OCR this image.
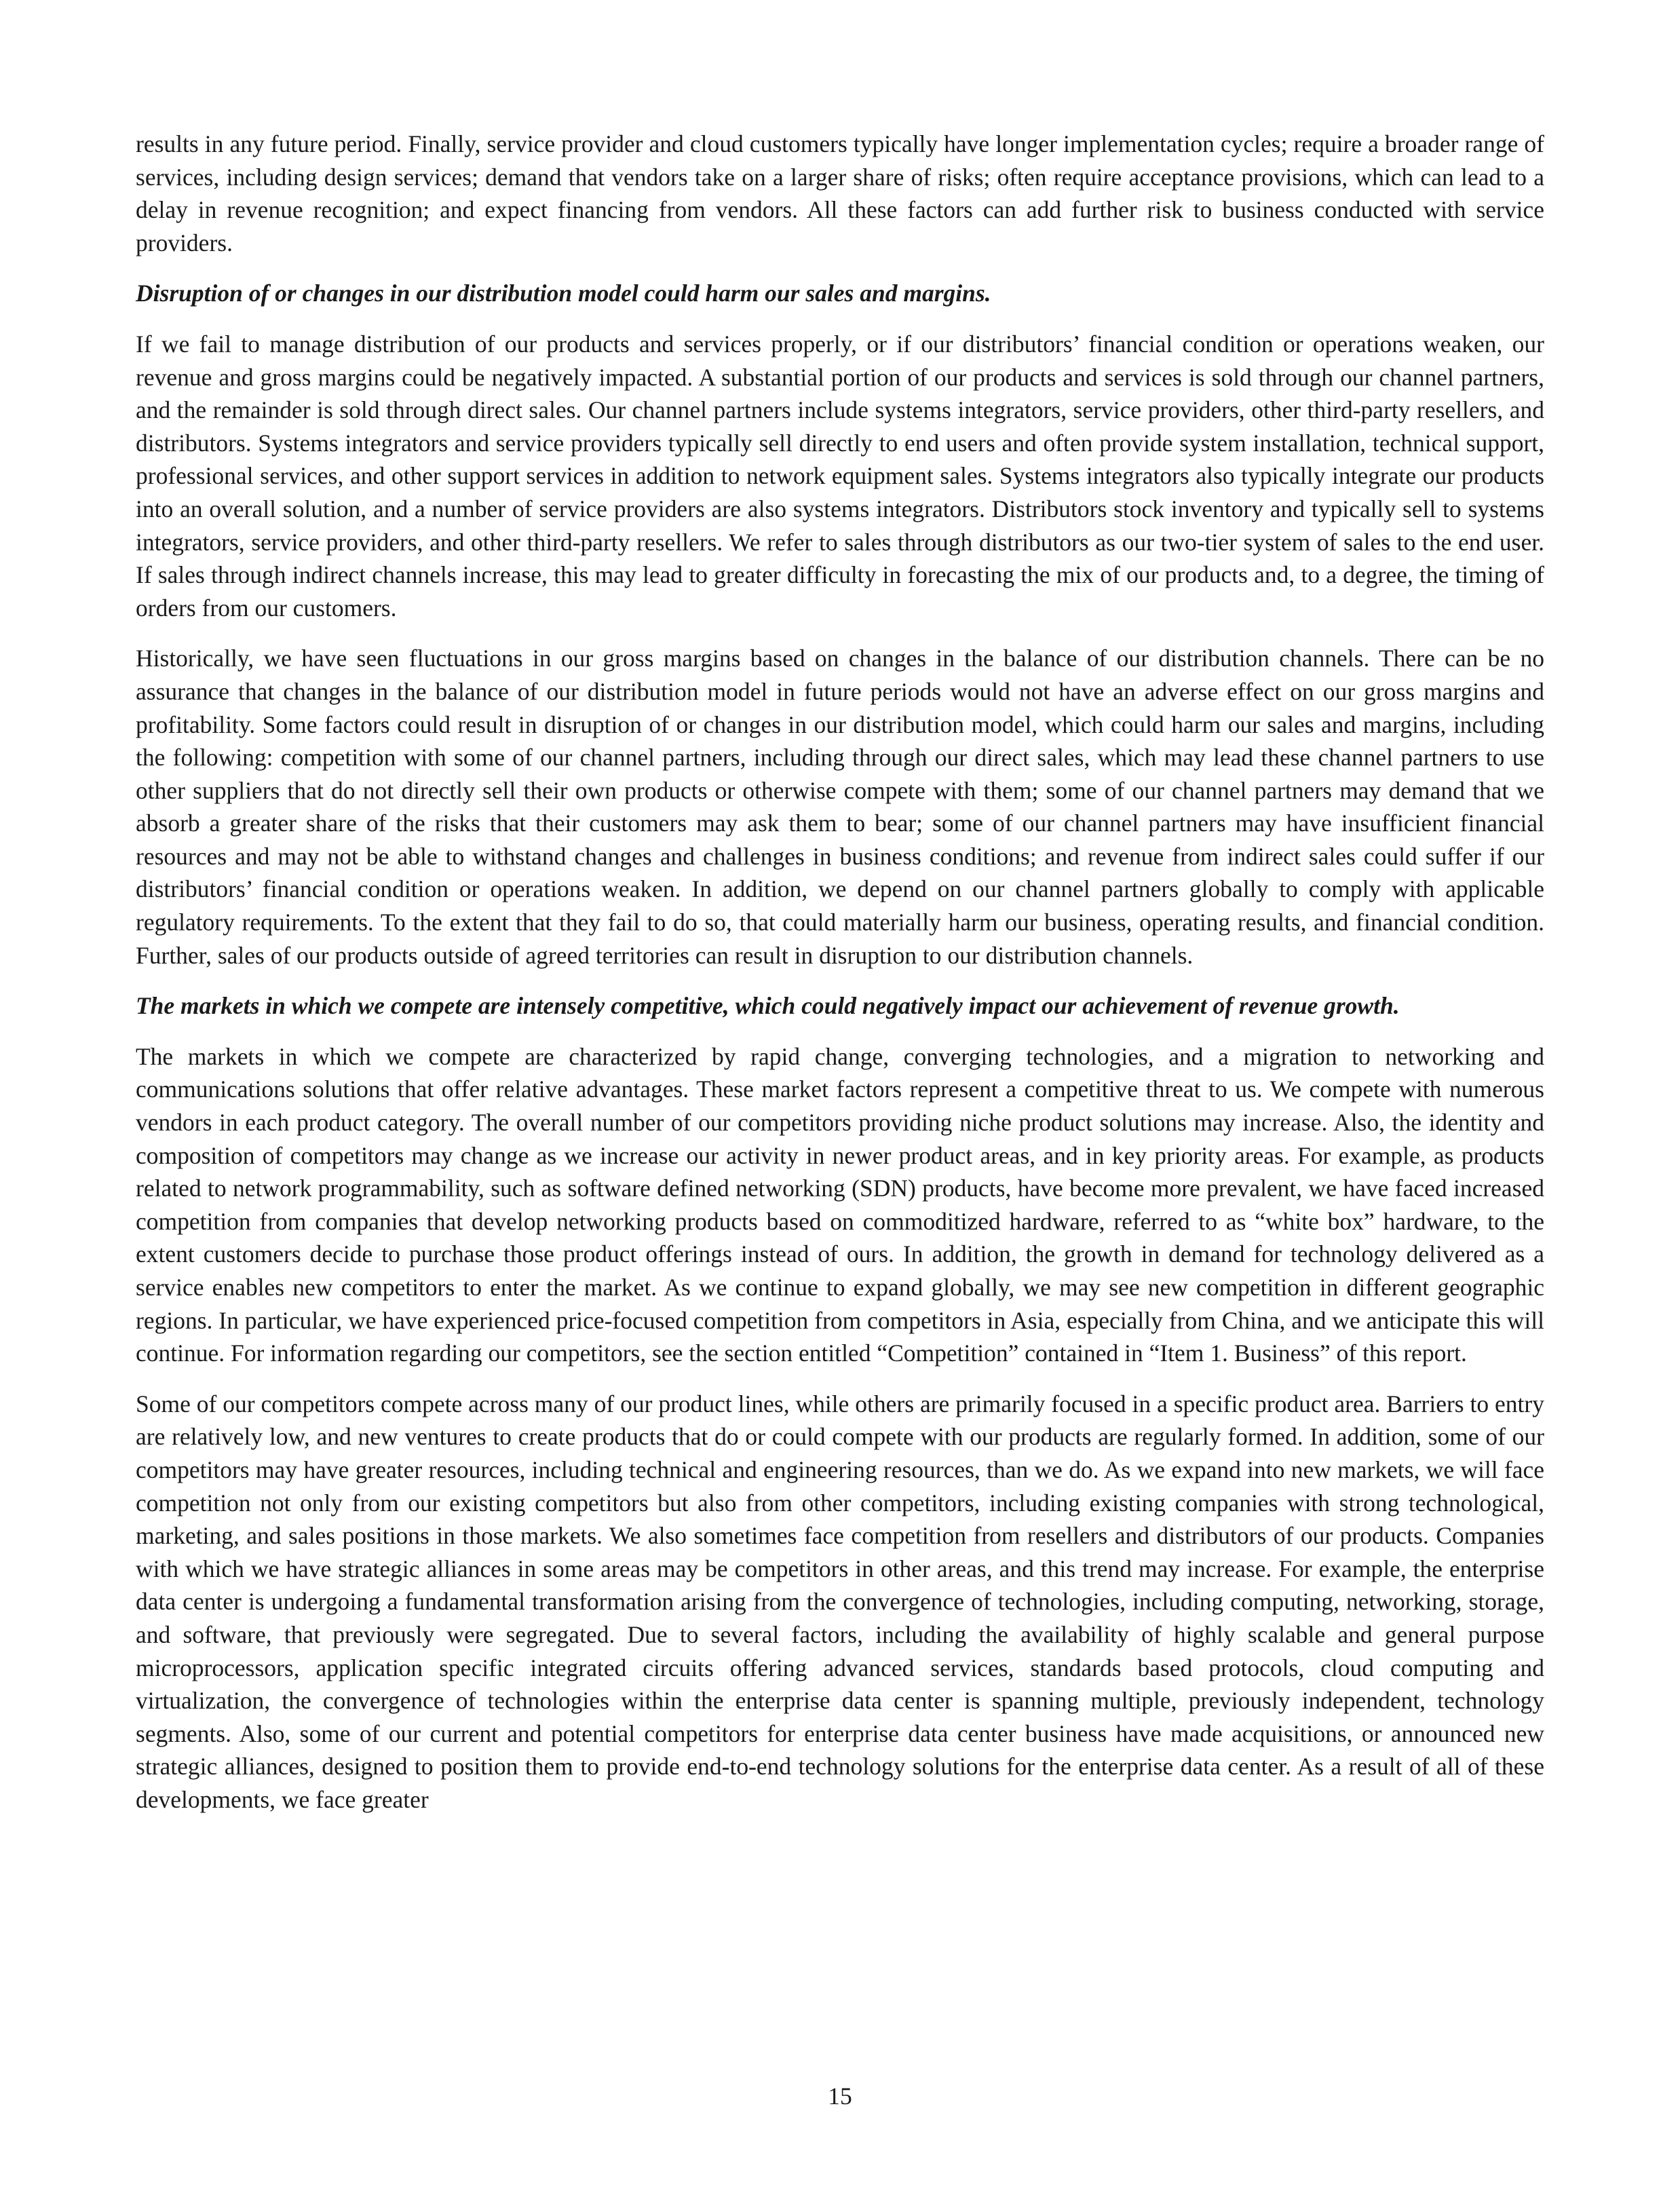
results in any future period. Finally, service provider and cloud customers typically have longer implementation cycles; require a broader range of services, including design services; demand that vendors take on a larger share of risks; often require acceptance provisions, which can lead to a delay in revenue recognition; and expect financing from vendors. All these factors can add further risk to business conducted with service providers.

Disruption of or changes in our distribution model could harm our sales and margins.

If we fail to manage distribution of our products and services properly, or if our distributors’ financial condition or operations weaken, our revenue and gross margins could be negatively impacted. A substantial portion of our products and services is sold through our channel partners, and the remainder is sold through direct sales. Our channel partners include systems integrators, service providers, other third-party resellers, and distributors. Systems integrators and service providers typically sell directly to end users and often provide system installation, technical support, professional services, and other support services in addition to network equipment sales. Systems integrators also typically integrate our products into an overall solution, and a number of service providers are also systems integrators. Distributors stock inventory and typically sell to systems integrators, service providers, and other third-party resellers. We refer to sales through distributors as our two-tier system of sales to the end user. If sales through indirect channels increase, this may lead to greater difficulty in forecasting the mix of our products and, to a degree, the timing of orders from our customers.

Historically, we have seen fluctuations in our gross margins based on changes in the balance of our distribution channels. There can be no assurance that changes in the balance of our distribution model in future periods would not have an adverse effect on our gross margins and profitability. Some factors could result in disruption of or changes in our distribution model, which could harm our sales and margins, including the following: competition with some of our channel partners, including through our direct sales, which may lead these channel partners to use other suppliers that do not directly sell their own products or otherwise compete with them; some of our channel partners may demand that we absorb a greater share of the risks that their customers may ask them to bear; some of our channel partners may have insufficient financial resources and may not be able to withstand changes and challenges in business conditions; and revenue from indirect sales could suffer if our distributors’ financial condition or operations weaken. In addition, we depend on our channel partners globally to comply with applicable regulatory requirements. To the extent that they fail to do so, that could materially harm our business, operating results, and financial condition. Further, sales of our products outside of agreed territories can result in disruption to our distribution channels.

The markets in which we compete are intensely competitive, which could negatively impact our achievement of revenue growth.

The markets in which we compete are characterized by rapid change, converging technologies, and a migration to networking and communications solutions that offer relative advantages. These market factors represent a competitive threat to us. We compete with numerous vendors in each product category. The overall number of our competitors providing niche product solutions may increase. Also, the identity and composition of competitors may change as we increase our activity in newer product areas, and in key priority areas. For example, as products related to network programmability, such as software defined networking (SDN) products, have become more prevalent, we have faced increased competition from companies that develop networking products based on commoditized hardware, referred to as “white box” hardware, to the extent customers decide to purchase those product offerings instead of ours. In addition, the growth in demand for technology delivered as a service enables new competitors to enter the market. As we continue to expand globally, we may see new competition in different geographic regions. In particular, we have experienced price-focused competition from competitors in Asia, especially from China, and we anticipate this will continue. For information regarding our competitors, see the section entitled “Competition” contained in “Item 1. Business” of this report.

Some of our competitors compete across many of our product lines, while others are primarily focused in a specific product area. Barriers to entry are relatively low, and new ventures to create products that do or could compete with our products are regularly formed. In addition, some of our competitors may have greater resources, including technical and engineering resources, than we do. As we expand into new markets, we will face competition not only from our existing competitors but also from other competitors, including existing companies with strong technological, marketing, and sales positions in those markets. We also sometimes face competition from resellers and distributors of our products. Companies with which we have strategic alliances in some areas may be competitors in other areas, and this trend may increase. For example, the enterprise data center is undergoing a fundamental transformation arising from the convergence of technologies, including computing, networking, storage, and software, that previously were segregated. Due to several factors, including the availability of highly scalable and general purpose microprocessors, application specific integrated circuits offering advanced services, standards based protocols, cloud computing and virtualization, the convergence of technologies within the enterprise data center is spanning multiple, previously independent, technology segments. Also, some of our current and potential competitors for enterprise data center business have made acquisitions, or announced new strategic alliances, designed to position them to provide end-to-end technology solutions for the enterprise data center. As a result of all of these developments, we face greater

15
